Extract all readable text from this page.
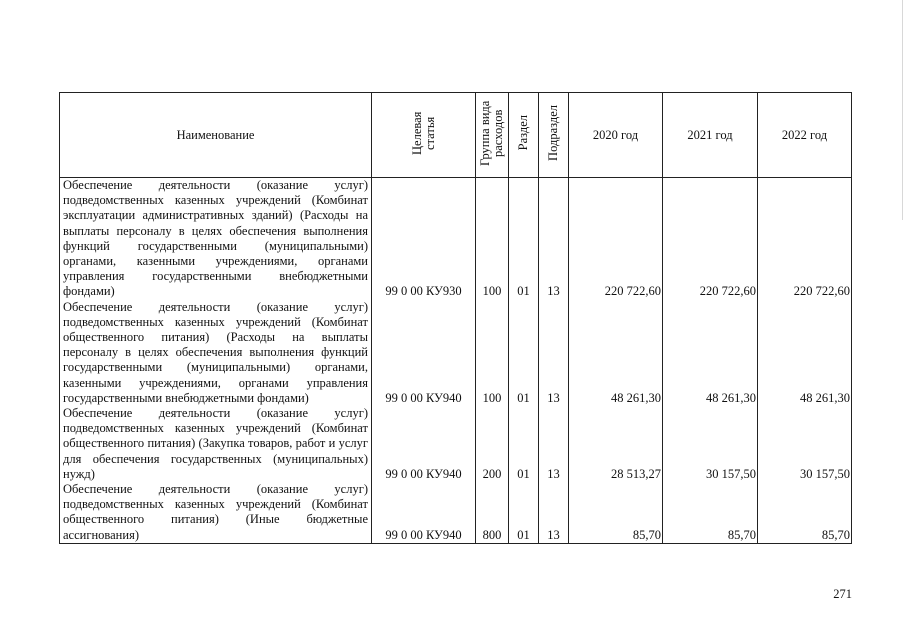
Наименование	Целевая статья	Группа вида расходов	Раздел	Подраздел	2020 год	2021 год	2022 год
Обеспечение деятельности (оказание услуг) подведомственных казенных учреждений (Комбинат эксплуатации административных зданий) (Расходы на выплаты персоналу в целях обеспечения выполнения функций государственными (муниципальными) органами, казенными учреждениями, органами управления государственными внебюджетными фондами)	99 0 00 КУ930	100	01	13	220 722,60	220 722,60	220 722,60
Обеспечение деятельности (оказание услуг) подведомственных казенных учреждений (Комбинат общественного питания) (Расходы на выплаты персоналу в целях обеспечения выполнения функций государственными (муниципальными) органами, казенными учреждениями, органами управления государственными внебюджетными фондами)	99 0 00 КУ940	100	01	13	48 261,30	48 261,30	48 261,30
Обеспечение деятельности (оказание услуг) подведомственных казенных учреждений (Комбинат общественного питания) (Закупка товаров, работ и услуг для обеспечения государственных (муниципальных) нужд)	99 0 00 КУ940	200	01	13	28 513,27	30 157,50	30 157,50
Обеспечение деятельности (оказание услуг) подведомственных казенных учреждений (Комбинат общественного питания) (Иные бюджетные ассигнования)	99 0 00 КУ940	800	01	13	85,70	85,70	85,70
271
